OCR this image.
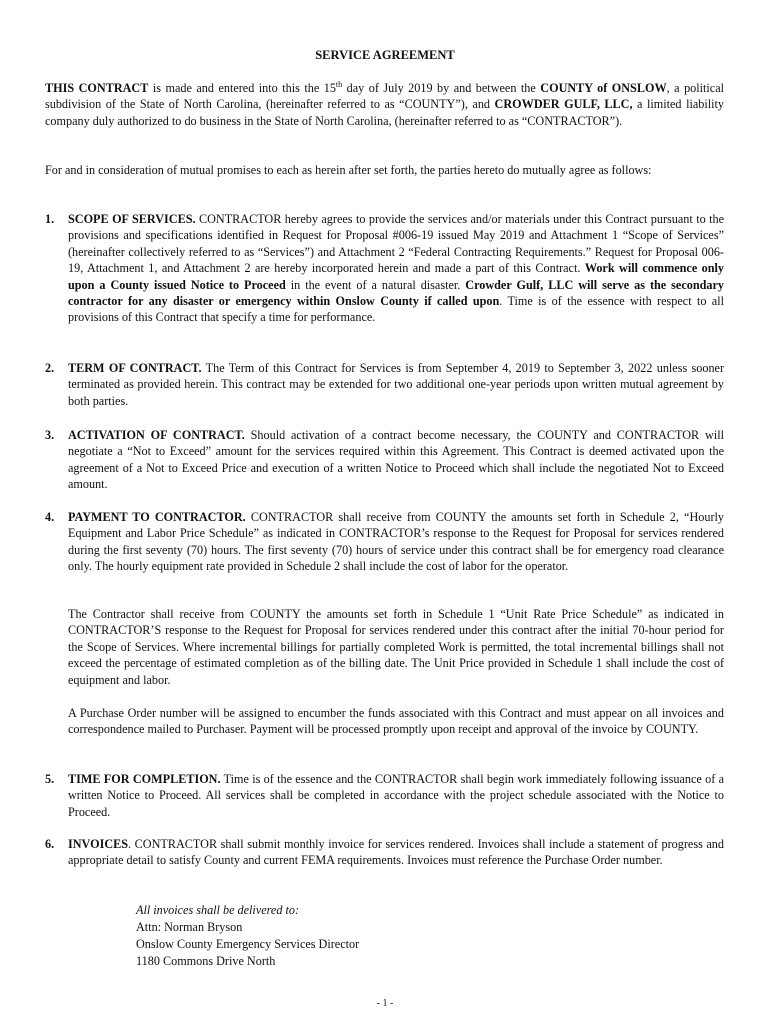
SERVICE AGREEMENT

THIS CONTRACT is made and entered into this the 15th day of July 2019 by and between the COUNTY of ONSLOW, a political subdivision of the State of North Carolina, (hereinafter referred to as “COUNTY”), and CROWDER GULF, LLC, a limited liability company duly authorized to do business in the State of North Carolina, (hereinafter referred to as “CONTRACTOR”).

For and in consideration of mutual promises to each as herein after set forth, the parties hereto do mutually agree as follows:

1. SCOPE OF SERVICES. CONTRACTOR hereby agrees to provide the services and/or materials under this Contract pursuant to the provisions and specifications identified in Request for Proposal #006-19 issued May 2019 and Attachment 1 “Scope of Services” (hereinafter collectively referred to as “Services”) and Attachment 2 “Federal Contracting Requirements.” Request for Proposal 006-19, Attachment 1, and Attachment 2 are hereby incorporated herein and made a part of this Contract. Work will commence only upon a County issued Notice to Proceed in the event of a natural disaster. Crowder Gulf, LLC will serve as the secondary contractor for any disaster or emergency within Onslow County if called upon. Time is of the essence with respect to all provisions of this Contract that specify a time for performance.
2. TERM OF CONTRACT. The Term of this Contract for Services is from September 4, 2019 to September 3, 2022 unless sooner terminated as provided herein. This contract may be extended for two additional one-year periods upon written mutual agreement by both parties.
3. ACTIVATION OF CONTRACT. Should activation of a contract become necessary, the COUNTY and CONTRACTOR will negotiate a “Not to Exceed” amount for the services required within this Agreement. This Contract is deemed activated upon the agreement of a Not to Exceed Price and execution of a written Notice to Proceed which shall include the negotiated Not to Exceed amount.
4. PAYMENT TO CONTRACTOR. CONTRACTOR shall receive from COUNTY the amounts set forth in Schedule 2, “Hourly Equipment and Labor Price Schedule” as indicated in CONTRACTOR’s response to the Request for Proposal for services rendered during the first seventy (70) hours. The first seventy (70) hours of service under this contract shall be for emergency road clearance only. The hourly equipment rate provided in Schedule 2 shall include the cost of labor for the operator.

The Contractor shall receive from COUNTY the amounts set forth in Schedule 1 “Unit Rate Price Schedule” as indicated in CONTRACTOR’S response to the Request for Proposal for services rendered under this contract after the initial 70-hour period for the Scope of Services. Where incremental billings for partially completed Work is permitted, the total incremental billings shall not exceed the percentage of estimated completion as of the billing date. The Unit Price provided in Schedule 1 shall include the cost of equipment and labor.

A Purchase Order number will be assigned to encumber the funds associated with this Contract and must appear on all invoices and correspondence mailed to Purchaser. Payment will be processed promptly upon receipt and approval of the invoice by COUNTY.

5. TIME FOR COMPLETION. Time is of the essence and the CONTRACTOR shall begin work immediately following issuance of a written Notice to Proceed. All services shall be completed in accordance with the project schedule associated with the Notice to Proceed.
6. INVOICES. CONTRACTOR shall submit monthly invoice for services rendered. Invoices shall include a statement of progress and appropriate detail to satisfy County and current FEMA requirements. Invoices must reference the Purchase Order number.
All invoices shall be delivered to:
Attn: Norman Bryson
Onslow County Emergency Services Director
1180 Commons Drive North
- 1 -
